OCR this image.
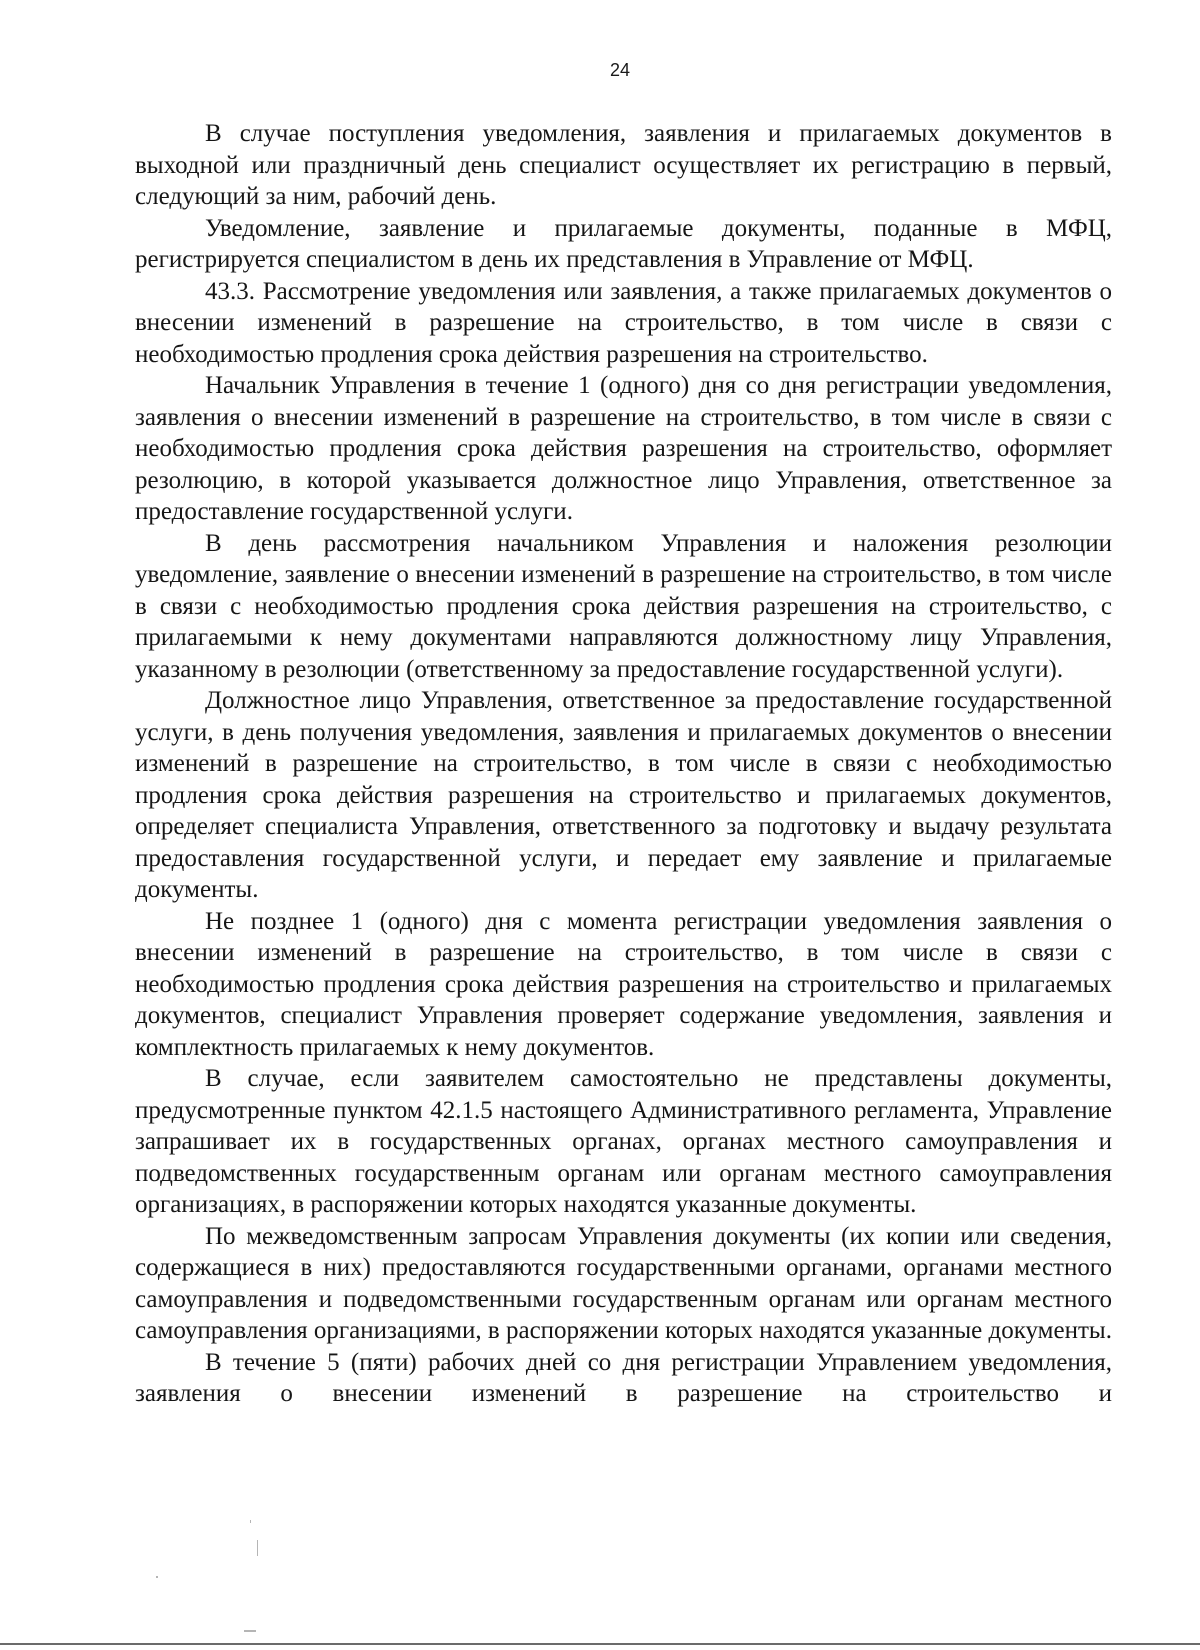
24

В случае поступления уведомления, заявления и прилагаемых документов в выходной или праздничный день специалист осуществляет их регистрацию в первый, следующий за ним, рабочий день.

Уведомление, заявление и прилагаемые документы, поданные в МФЦ, регистрируется специалистом в день их представления в Управление от МФЦ.

43.3. Рассмотрение уведомления или заявления, а также прилагаемых документов о внесении изменений в разрешение на строительство, в том числе в связи с необходимостью продления срока действия разрешения на строительство.

Начальник Управления в течение 1 (одного) дня со дня регистрации уведомления, заявления о внесении изменений в разрешение на строительство, в том числе в связи с необходимостью продления срока действия разрешения на строительство, оформляет резолюцию, в которой указывается должностное лицо Управления, ответственное за предоставление государственной услуги.

В день рассмотрения начальником Управления и наложения резолюции уведомление, заявление о внесении изменений в разрешение на строительство, в том числе в связи с необходимостью продления срока действия разрешения на строительство, с прилагаемыми к нему документами направляются должностному лицу Управления, указанному в резолюции (ответственному за предоставление государственной услуги).

Должностное лицо Управления, ответственное за предоставление государственной услуги, в день получения уведомления, заявления и прилагаемых документов о внесении изменений в разрешение на строительство, в том числе в связи с необходимостью продления срока действия разрешения на строительство и прилагаемых документов, определяет специалиста Управления, ответственного за подготовку и выдачу результата предоставления государственной услуги, и передает ему заявление и прилагаемые документы.

Не позднее 1 (одного) дня с момента регистрации уведомления заявления о внесении изменений в разрешение на строительство, в том числе в связи с необходимостью продления срока действия разрешения на строительство и прилагаемых документов, специалист Управления проверяет содержание уведомления, заявления и комплектность прилагаемых к нему документов.

В случае, если заявителем самостоятельно не представлены документы, предусмотренные пунктом 42.1.5 настоящего Административного регламента, Управление запрашивает их в государственных органах, органах местного самоуправления и подведомственных государственным органам или органам местного самоуправления организациях, в распоряжении которых находятся указанные документы.

По межведомственным запросам Управления документы (их копии или сведения, содержащиеся в них) предоставляются государственными органами, органами местного самоуправления и подведомственными государственным органам или органам местного самоуправления организациями, в распоряжении которых находятся указанные документы.

В течение 5 (пяти) рабочих дней со дня регистрации Управлением уведомления, заявления о внесении изменений в разрешение на строительство и
